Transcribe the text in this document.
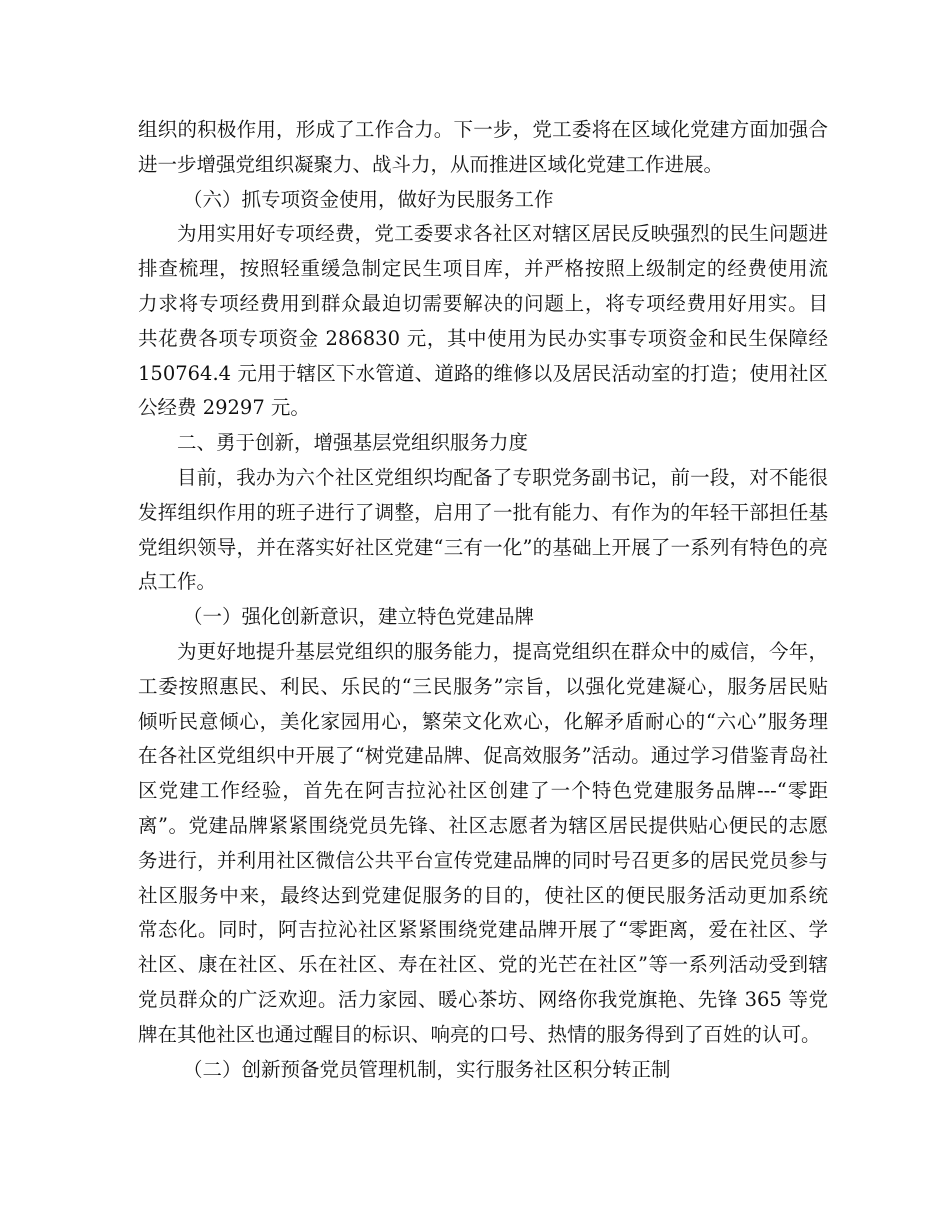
组织的积极作用，形成了工作合力。下一步，党工委将在区域化党建方面加强合
进一步增强党组织凝聚力、战斗力，从而推进区域化党建工作进展。
（六）抓专项资金使用，做好为民服务工作
为用实用好专项经费，党工委要求各社区对辖区居民反映强烈的民生问题进
排查梳理，按照轻重缓急制定民生项目库，并严格按照上级制定的经费使用流
力求将专项经费用到群众最迫切需要解决的问题上，将专项经费用好用实。目
共花费各项专项资金 286830 元，其中使用为民办实事专项资金和民生保障经
150764.4 元用于辖区下水管道、道路的维修以及居民活动室的打造；使用社区
公经费 29297 元。
二、勇于创新，增强基层党组织服务力度
目前，我办为六个社区党组织均配备了专职党务副书记，前一段，对不能很
发挥组织作用的班子进行了调整，启用了一批有能力、有作为的年轻干部担任基
党组织领导，并在落实好社区党建“三有一化”的基础上开展了一系列有特色的亮
点工作。
（一）强化创新意识，建立特色党建品牌
为更好地提升基层党组织的服务能力，提高党组织在群众中的威信，今年，
工委按照惠民、利民、乐民的“三民服务”宗旨，以强化党建凝心，服务居民贴
倾听民意倾心，美化家园用心，繁荣文化欢心，化解矛盾耐心的“六心”服务理
在各社区党组织中开展了“树党建品牌、促高效服务”活动。通过学习借鉴青岛社
区党建工作经验，首先在阿吉拉沁社区创建了一个特色党建服务品牌---“零距
离”。党建品牌紧紧围绕党员先锋、社区志愿者为辖区居民提供贴心便民的志愿
务进行，并利用社区微信公共平台宣传党建品牌的同时号召更多的居民党员参与
社区服务中来，最终达到党建促服务的目的，使社区的便民服务活动更加系统
常态化。同时，阿吉拉沁社区紧紧围绕党建品牌开展了“零距离，爱在社区、学
社区、康在社区、乐在社区、寿在社区、党的光芒在社区”等一系列活动受到辖
党员群众的广泛欢迎。活力家园、暖心茶坊、网络你我党旗艳、先锋 365 等党
牌在其他社区也通过醒目的标识、响亮的口号、热情的服务得到了百姓的认可。
（二）创新预备党员管理机制，实行服务社区积分转正制
